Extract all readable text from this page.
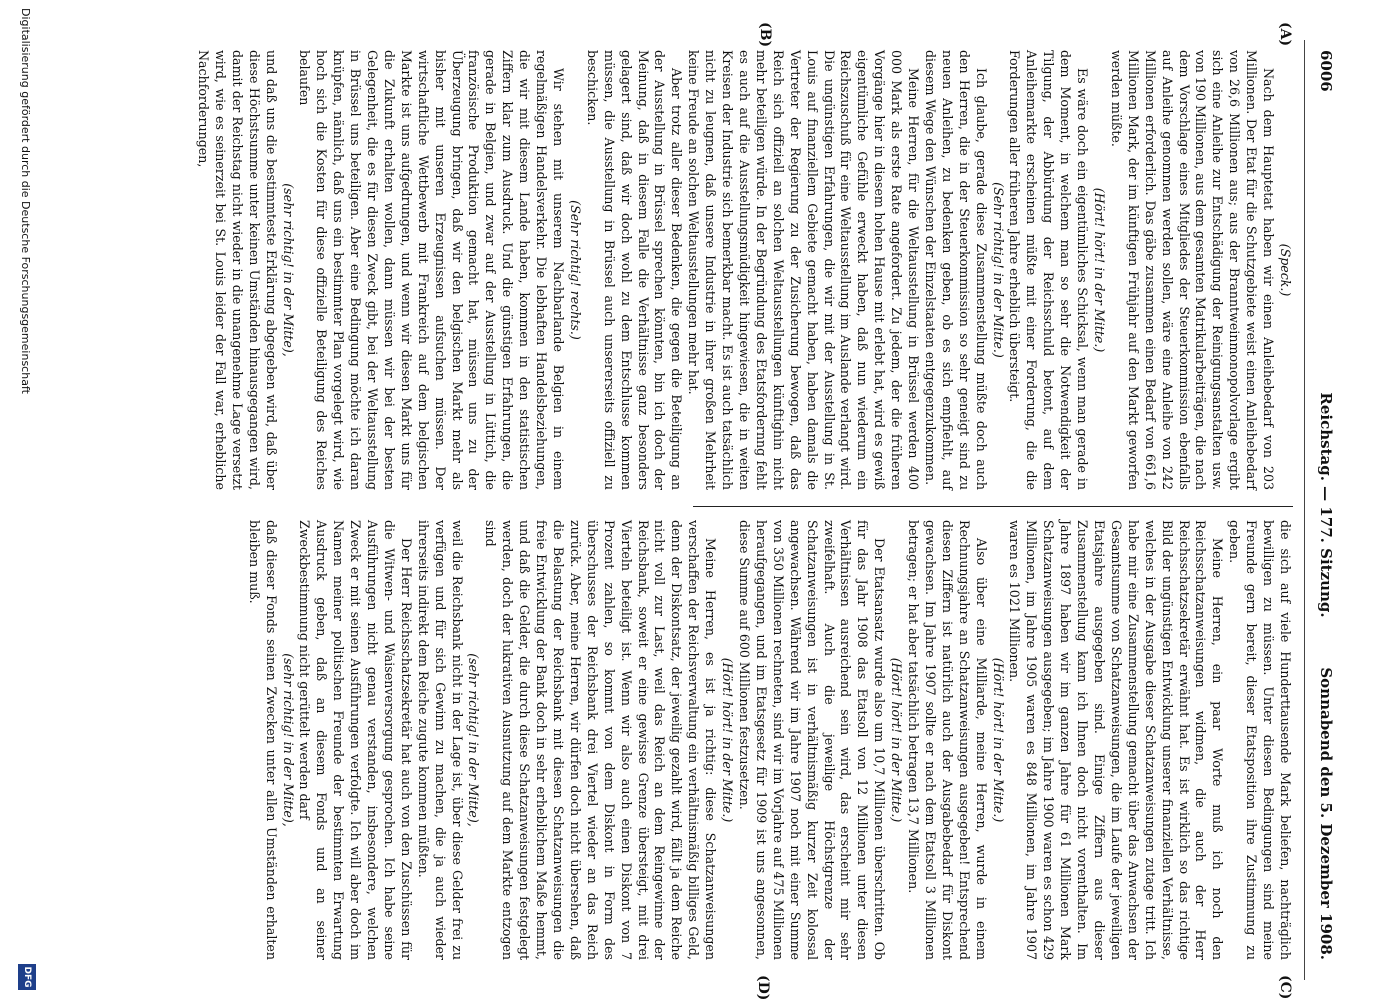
6006
Reichstag. — 177. Sitzung.
Sonnabend den 5. Dezember 1908.
(A)
(B)
(C)
(D)

(Speck.)

Nach dem Hauptetat haben wir einen Anleihebedarf von 203 Millionen. Der Etat für die Schutzgebiete weist einen Anleihebedarf von 26,6 Millionen aus; aus der Branntweinmonopolvorlage ergibt sich eine Anleihe zur Entschädigung der Reinigungsanstalten usw. von 190 Millionen, aus dem gesamten Matrikularbeiträgen, die nach dem Vorschlage eines Mitgliedes der Steuerkommission ebenfalls auf Anleihe genommen werden sollen, wäre eine Anleihe von 242 Millionen erforderlich. Das gäbe zusammen einen Bedarf von 661,6 Millionen Mark, der im künftigen Frühjahr auf den Markt geworfen werden müßte.

(Hört! hört! in der Mitte.)

Es wäre doch ein eigentümliches Schicksal, wenn man gerade in dem Moment, in welchem man so sehr die Notwendigkeit der Tilgung, der Abbürdung der Reichsschuld betont, auf dem Anleihemarkte erscheinen müßte mit einer Forderung, die die Forderungen aller früheren Jahre erheblich übersteigt.

(Sehr richtig! in der Mitte.)

Ich glaube, gerade diese Zusammenstellung müßte doch auch den Herren, die in der Steuerkommission so sehr geneigt sind zu neuen Anleihen, zu bedenken geben, ob es sich empfiehlt, auf diesem Wege den Wünschen der Einzelstaaten entgegenzukommen.

Meine Herren, für die Weltausstellung in Brüssel werden 400 000 Mark als erste Rate angefordert. Zu jedem, der die früheren Vorgänge hier in diesem hohen Hause mit erlebt hat, wird es gewiß eigentümliche Gefühle erweckt haben, daß nun wiederum ein Reichszuschuß für eine Weltausstellung im Auslande verlangt wird. Die ungünstigen Erfahrungen, die wir mit der Ausstellung in St. Louis auf finanziellem Gebiete gemacht haben, haben damals die Vertreter der Regierung zu der Zusicherung bewogen, daß das Reich sich offiziell an solchen Weltausstellungen künftighin nicht mehr beteiligen würde. In der Begründung des Etatsfordernng fehlt es auch auf die Ausstellungsmüdigkeit hingewiesen, die in weiten Kreisen der Industrie sich bemerkbar macht. Es ist auch tatsächlich nicht zu leugnen, daß unsere Industrie in ihrer großen Mehrheit keine Freude an solchen Weltausstellungen mehr hat.

Aber trotz aller dieser Bedenken, die gegen die Beteiligung an der Ausstellung in Brüssel sprechen könnten, bin ich doch der Meinung, daß in diesem Falle die Verhältnisse ganz besonders gelagert sind, daß wir doch wohl zu dem Entschlusse kommen müssen, die Ausstellung in Brüssel auch unsererseits offiziell zu beschicken.

(Sehr richtig! rechts.)

Wir stehen mit unserem Nachbarlande Belgien in einem regelmäßigen Handelsverkehr. Die lebhaften Handelsbeziehungen, die wir mit diesem Lande haben, kommen in den statistischen Ziffern klar zum Ausdruck. Und die günstigen Erfahrungen, die gerade in Belgien, und zwar auf der Ausstellung in Lüttich, die französische Produktion gemacht hat, müssen uns zu der Überzeugung bringen, daß wir den belgischen Markt mehr als bisher mit unseren Erzeugnissen aufsuchen müssen. Der wirtschaftliche Wettbewerb mit Frankreich auf dem belgischen Markte ist uns aufgedrungen, und wenn wir diesen Markt uns für die Zukunft erhalten wollen, dann müssen wir bei der besten Gelegenheit, die es für diesen Zweck gibt, bei der Weltausstellung in Brüssel uns beteiligen. Aber eine Bedingung möchte ich daran knüpfen, nämlich, daß uns ein bestimmter Plan vorgelegt wird, wie hoch sich die Kosten für diese offizielle Beteiligung des Reiches belaufen

(sehr richtig! in der Mitte),

und daß uns die bestimmteste Erklärung abgegeben wird, daß über diese Höchstsumme unter keinen Umständen hinausgegangen wird, damit der Reichstag nicht wieder in die unangenehme Lage versetzt wird, wie es seinerzeit bei St. Louis leider der Fall war, erhebliche Nachforderungen,

die sich auf viele Hunderttausende Mark beliefen, nachträglich bewilligen zu müssen. Unter diesen Bedingungen sind meine Freunde gern bereit, dieser Etatsposition ihre Zustimmung zu geben.

Meine Herren, ein paar Worte muß ich noch den Reichsschatzanweisungen widmen, die auch der Herr Reichsschatzsekretär erwähnt hat. Es ist wirklich so das richtige Bild der ungünstigen Entwicklung unserer finanziellen Verhältnisse, welches in der Ausgabe dieser Schatzanweisungen zutage tritt. Ich habe mir eine Zusammenstellung gemacht über das Anwachsen der Gesamtsumme von Schatzanweisungen, die im Laufe der jeweiligen Etatsjahre ausgegeben sind. Einige Ziffern aus dieser Zusammenstellung kann ich Ihnen doch nicht vorenthalten. Im Jahre 1897 haben wir im ganzen Jahre für 61 Millionen Mark Schatzanweisungen ausgegeben; im Jahre 1900 waren es schon 429 Millionen, im Jahre 1905 waren es 848 Millionen, im Jahre 1907 waren es 1021 Millionen.

(Hört! hört! in der Mitte.)

Also über eine Milliarde, meine Herren, wurde in einem Rechnungsjahre an Schatzanweisungen ausgegeben! Entsprechend diesen Ziffern ist natürlich auch der Ausgabebedarf für Diskont gewachsen. Im Jahre 1907 sollte er nach dem Etatsoll 3 Millionen betragen; er hat aber tatsächlich betragen 13,7 Millionen.

(Hört! hört! in der Mitte.)

Der Etatsansatz wurde also um 10,7 Millionen überschritten. Ob für das Jahr 1908 das Etatsoll von 12 Millionen unter diesen Verhältnissen ausreichend sein wird, das erscheint mir sehr zweifelhaft. Auch die jeweilige Höchstgrenze der Schatzanweisungen ist in verhältnismäßig kurzer Zeit kolossal angewachsen. Während wir im Jahre 1907 noch mit einer Summe von 350 Millionen rechneten, sind wir im Vorjahre auf 475 Millionen heraufgegangen, und im Etatsgesetz für 1909 ist uns angesonnen, diese Summe auf 600 Millionen festzusetzen.

(Hört! hört! in der Mitte.)

Meine Herren, es ist ja richtig: diese Schatzanweisungen verschaffen der Reichsverwaltung ein verhältnismäßig billiges Geld, denn der Diskontsatz, der jeweilig gezahlt wird, fällt ja dem Reiche nicht voll zur Last, weil das Reich an dem Reingewinne der Reichsbank, soweit er eine gewisse Grenze übersteigt, mit drei Vierteln beteiligt ist. Wenn wir also auch einen Diskont von 7 Prozent zahlen, so kommt von dem Diskont in Form des überschusses der Reichsbank drei Viertel wieder an das Reich zurück. Aber, meine Herren, wir dürfen doch nicht übersehen, daß die Belastung der Reichsbank mit diesen Schatzanweisungen die freie Entwicklung der Bank doch in sehr erheblichem Maße hemmt, und daß die Gelder, die durch diese Schatzanweisungen festgelegt werden, doch der lukrativen Ausnutzung auf dem Markte entzogen sind

(sehr richtig! in der Mitte),

weil die Reichsbank nicht in der Lage ist, über diese Gelder frei zu verfügen und für sich Gewinn zu machen, die ja auch wieder ihrerseits indirekt dem Reiche zugute kommen müßten.

Der Herr Reichsschatzsekretär hat auch von den Zuschüssen für die Witwen- und Waisenversorgung gesprochen. Ich habe seine Ausführungen nicht genau verstanden, insbesondere, welchen Zweck er mit seinen Ausführungen verfolgte. Ich will aber doch im Namen meiner politischen Freunde der bestimmten Erwartung Ausdruck geben, daß an diesem Fonds und an seiner Zweckbestimmung nicht gerüttelt werden darf

(sehr richtig! in der Mitte),

daß dieser Fonds seinen Zwecken unter allen Umständen erhalten bleiben muß.

Digitalisierung gefördert durch die Deutsche Forschungsgemeinschaft
DFG
